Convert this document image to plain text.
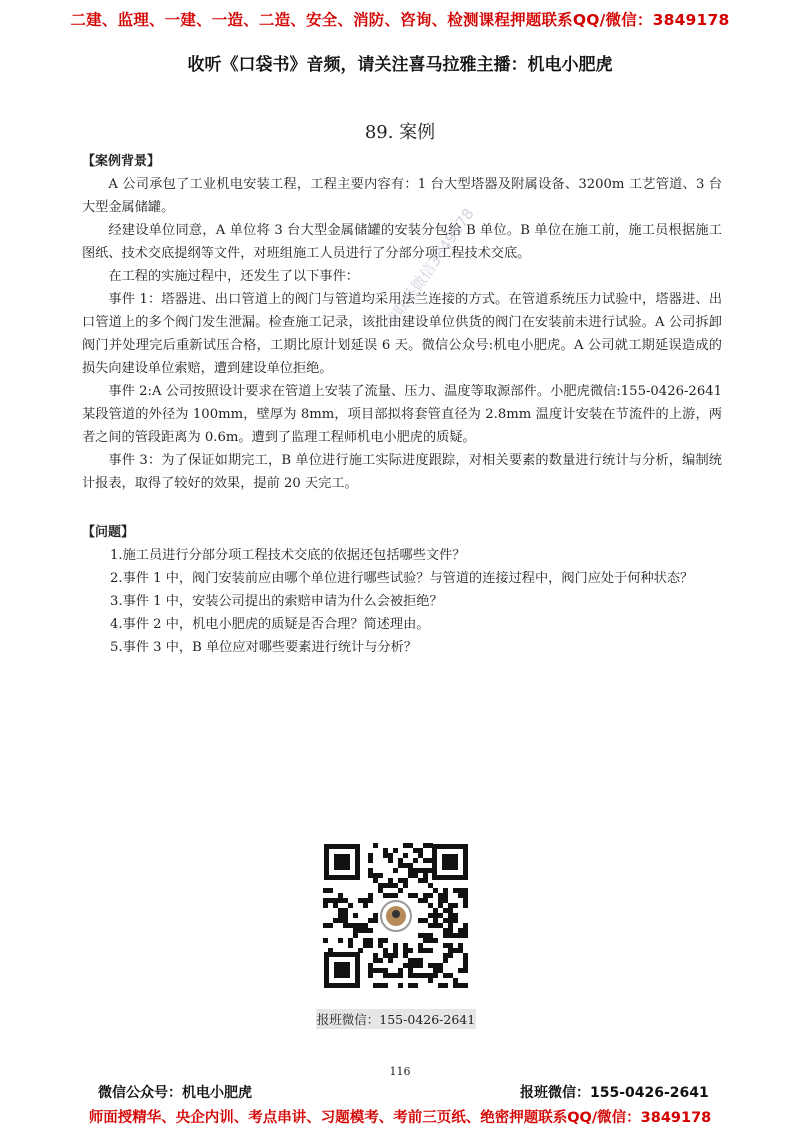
二建、监理、一建、一造、二造、安全、消防、咨询、检测课程押题联系QQ/微信：3849178
收听《口袋书》音频，请关注喜马拉雅主播：机电小肥虎
89. 案例

【案例背景】

A 公司承包了工业机电安装工程，工程主要内容有：1 台大型塔器及附属设备、3200m 工艺管道、3 台大型金属储罐。

经建设单位同意，A 单位将 3 台大型金属储罐的安装分包给 B 单位。B 单位在施工前，施工员根据施工图纸、技术交底提纲等文件，对班组施工人员进行了分部分项工程技术交底。

在工程的实施过程中，还发生了以下事件：

事件 1：塔器进、出口管道上的阀门与管道均采用法兰连接的方式。在管道系统压力试验中，塔器进、出口管道上的多个阀门发生泄漏。检查施工记录，该批由建设单位供货的阀门在安装前未进行试验。A 公司拆卸阀门并处理完后重新试压合格，工期比原计划延误 6 天。微信公众号:机电小肥虎。A 公司就工期延误造成的损失向建设单位索赔，遭到建设单位拒绝。

事件 2:A 公司按照设计要求在管道上安装了流量、压力、温度等取源部件。小肥虎微信:155-0426-2641某段管道的外径为 100mm，壁厚为 8mm，项目部拟将套管直径为 2.8mm 温度计安装在节流件的上游，两者之间的管段距离为 0.6m。遭到了监理工程师机电小肥虎的质疑。

事件 3：为了保证如期完工，B 单位进行施工实际进度跟踪，对相关要素的数量进行统计与分析，编制统计报表，取得了较好的效果，提前 20 天完工。

【问题】

1.施工员进行分部分项工程技术交底的依据还包括哪些文件？

2.事件 1 中，阀门安装前应由哪个单位进行哪些试验？与管道的连接过程中，阀门应处于何种状态？

3.事件 1 中，安装公司提出的索赔申请为什么会被拒绝？

4.事件 2 中，机电小肥虎的质疑是否合理？简述理由。

5.事件 3 中，B 单位应对哪些要素进行统计与分析？

请联系微信3849178
报班微信：155-0426-2641
116
微信公众号：机电小肥虎	报班微信：155-0426-2641
师面授精华、央企内训、考点串讲、习题模考、考前三页纸、绝密押题联系QQ/微信：3849178
